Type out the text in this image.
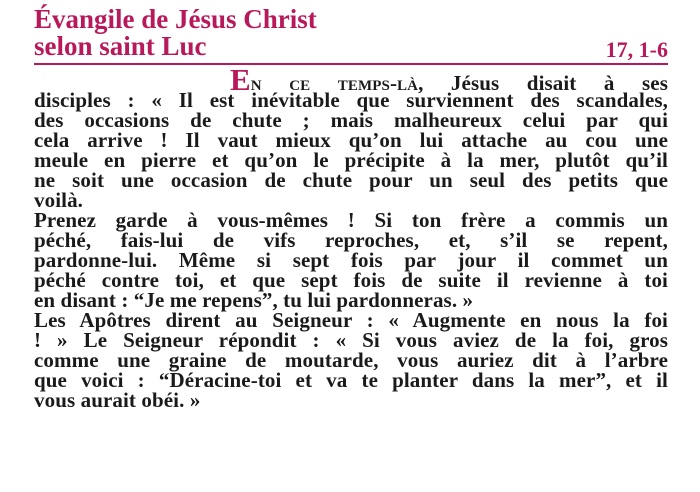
Évangile de Jésus Christ
selon saint Luc	17, 1-6
En ce temps-là, Jésus disait à ses
disciples : « Il est inévitable que surviennent des scandales,
des occasions de chute ; mais malheureux celui par qui
cela arrive ! Il vaut mieux qu’on lui attache au cou une
meule en pierre et qu’on le précipite à la mer, plutôt qu’il
ne soit une occasion de chute pour un seul des petits que
voilà.
Prenez garde à vous-mêmes ! Si ton frère a commis un
péché, fais-lui de vifs reproches, et, s’il se repent,
pardonne-lui. Même si sept fois par jour il commet un
péché contre toi, et que sept fois de suite il revienne à toi
en disant : “Je me repens”, tu lui pardonneras. »
Les Apôtres dirent au Seigneur : « Augmente en nous la foi
! » Le Seigneur répondit : « Si vous aviez de la foi, gros
comme une graine de moutarde, vous auriez dit à l’arbre
que voici : “Déracine-toi et va te planter dans la mer”, et il
vous aurait obéi. »
